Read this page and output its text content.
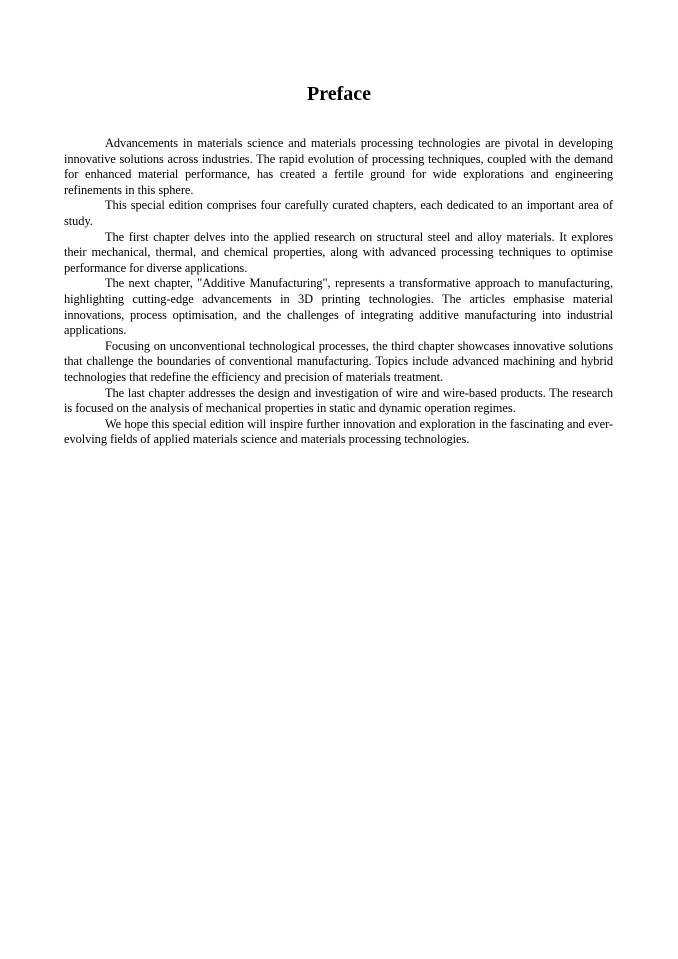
Preface

Advancements in materials science and materials processing technologies are pivotal in developing innovative solutions across industries. The rapid evolution of processing techniques, coupled with the demand for enhanced material performance, has created a fertile ground for wide explorations and engineering refinements in this sphere.

This special edition comprises four carefully curated chapters, each dedicated to an important area of study.

The first chapter delves into the applied research on structural steel and alloy materials. It explores their mechanical, thermal, and chemical properties, along with advanced processing techniques to optimise performance for diverse applications.

The next chapter, "Additive Manufacturing", represents a transformative approach to manufacturing, highlighting cutting-edge advancements in 3D printing technologies. The articles emphasise material innovations, process optimisation, and the challenges of integrating additive manufacturing into industrial applications.

Focusing on unconventional technological processes, the third chapter showcases innovative solutions that challenge the boundaries of conventional manufacturing. Topics include advanced machining and hybrid technologies that redefine the efficiency and precision of materials treatment.

The last chapter addresses the design and investigation of wire and wire-based products. The research is focused on the analysis of mechanical properties in static and dynamic operation regimes.

We hope this special edition will inspire further innovation and exploration in the fascinating and ever-evolving fields of applied materials science and materials processing technologies.
